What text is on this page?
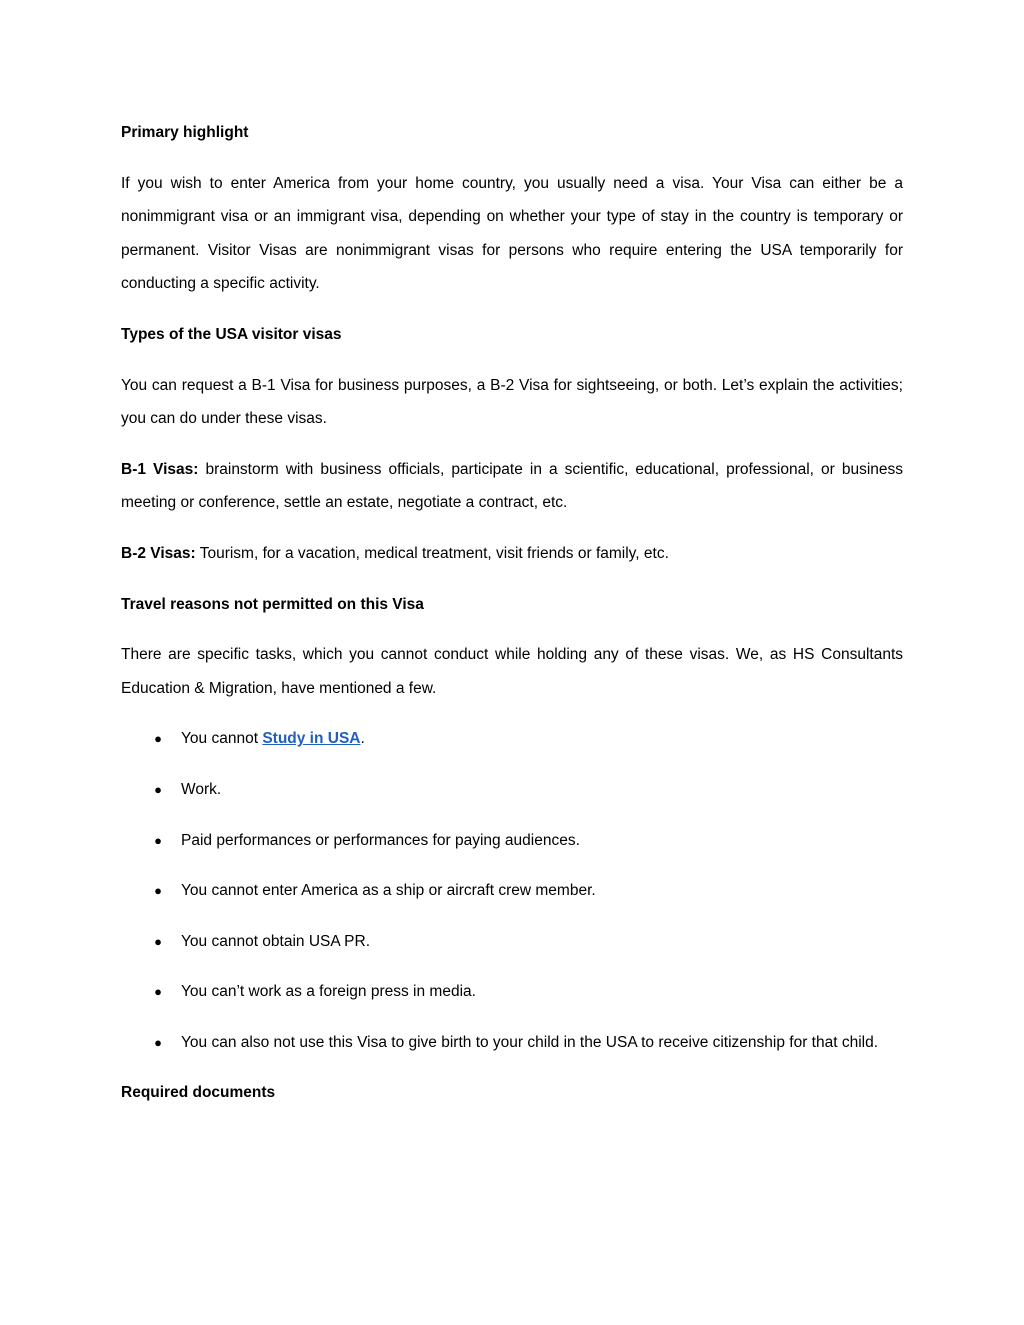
Primary highlight

If you wish to enter America from your home country, you usually need a visa. Your Visa can either be a nonimmigrant visa or an immigrant visa, depending on whether your type of stay in the country is temporary or permanent. Visitor Visas are nonimmigrant visas for persons who require entering the USA temporarily for conducting a specific activity.

Types of the USA visitor visas

You can request a B-1 Visa for business purposes, a B-2 Visa for sightseeing, or both. Let’s explain the activities; you can do under these visas.

B-1 Visas: brainstorm with business officials, participate in a scientific, educational, professional, or business meeting or conference, settle an estate, negotiate a contract, etc.

B-2 Visas: Tourism, for a vacation, medical treatment, visit friends or family, etc.

Travel reasons not permitted on this Visa

There are specific tasks, which you cannot conduct while holding any of these visas. We, as HS Consultants Education & Migration, have mentioned a few.

● You cannot Study in USA.
● Work.
● Paid performances or performances for paying audiences.
● You cannot enter America as a ship or aircraft crew member.
● You cannot obtain USA PR.
● You can’t work as a foreign press in media.
● You can also not use this Visa to give birth to your child in the USA to receive citizenship for that child.
Required documents
